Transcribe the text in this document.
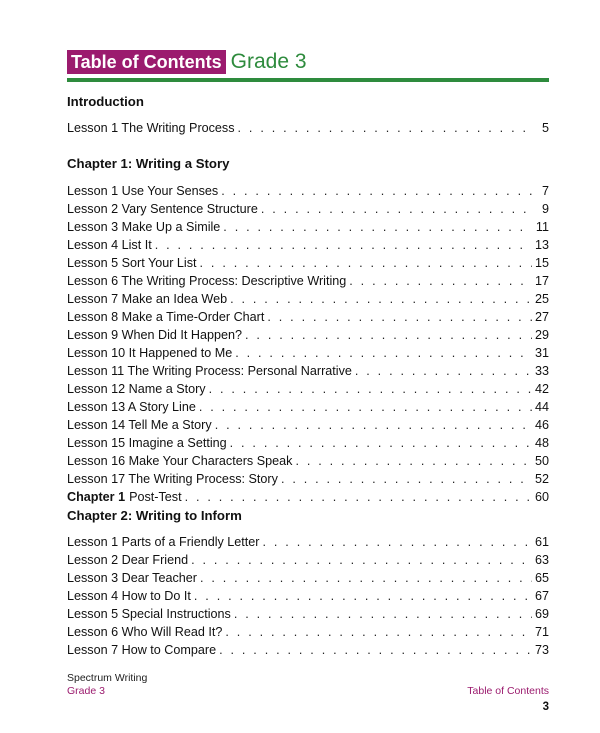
Table of Contents Grade 3
Introduction
Lesson 1 The Writing Process . . .	5
Chapter 1: Writing a Story
Lesson 1 Use Your Senses . . .	7
Lesson 2 Vary Sentence Structure . . .	9
Lesson 3 Make Up a Simile . . .	11
Lesson 4 List It . . .	13
Lesson 5 Sort Your List . . .	15
Lesson 6 The Writing Process: Descriptive Writing . . .	17
Lesson 7 Make an Idea Web . . .	25
Lesson 8 Make a Time-Order Chart . . .	27
Lesson 9 When Did It Happen? . . .	29
Lesson 10 It Happened to Me . . .	31
Lesson 11 The Writing Process: Personal Narrative . . .	33
Lesson 12 Name a Story . . .	42
Lesson 13 A Story Line . . .	44
Lesson 14 Tell Me a Story . . .	46
Lesson 15 Imagine a Setting . . .	48
Lesson 16 Make Your Characters Speak . . .	50
Lesson 17 The Writing Process: Story . . .	52
Chapter 1 Post-Test . . .	60
Chapter 2: Writing to Inform
Lesson 1 Parts of a Friendly Letter . . .	61
Lesson 2 Dear Friend . . .	63
Lesson 3 Dear Teacher . . .	65
Lesson 4 How to Do It . . .	67
Lesson 5 Special Instructions . . .	69
Lesson 6 Who Will Read It? . . .	71
Lesson 7 How to Compare . . .	73
Spectrum Writing
Grade 3	Table of Contents
3
